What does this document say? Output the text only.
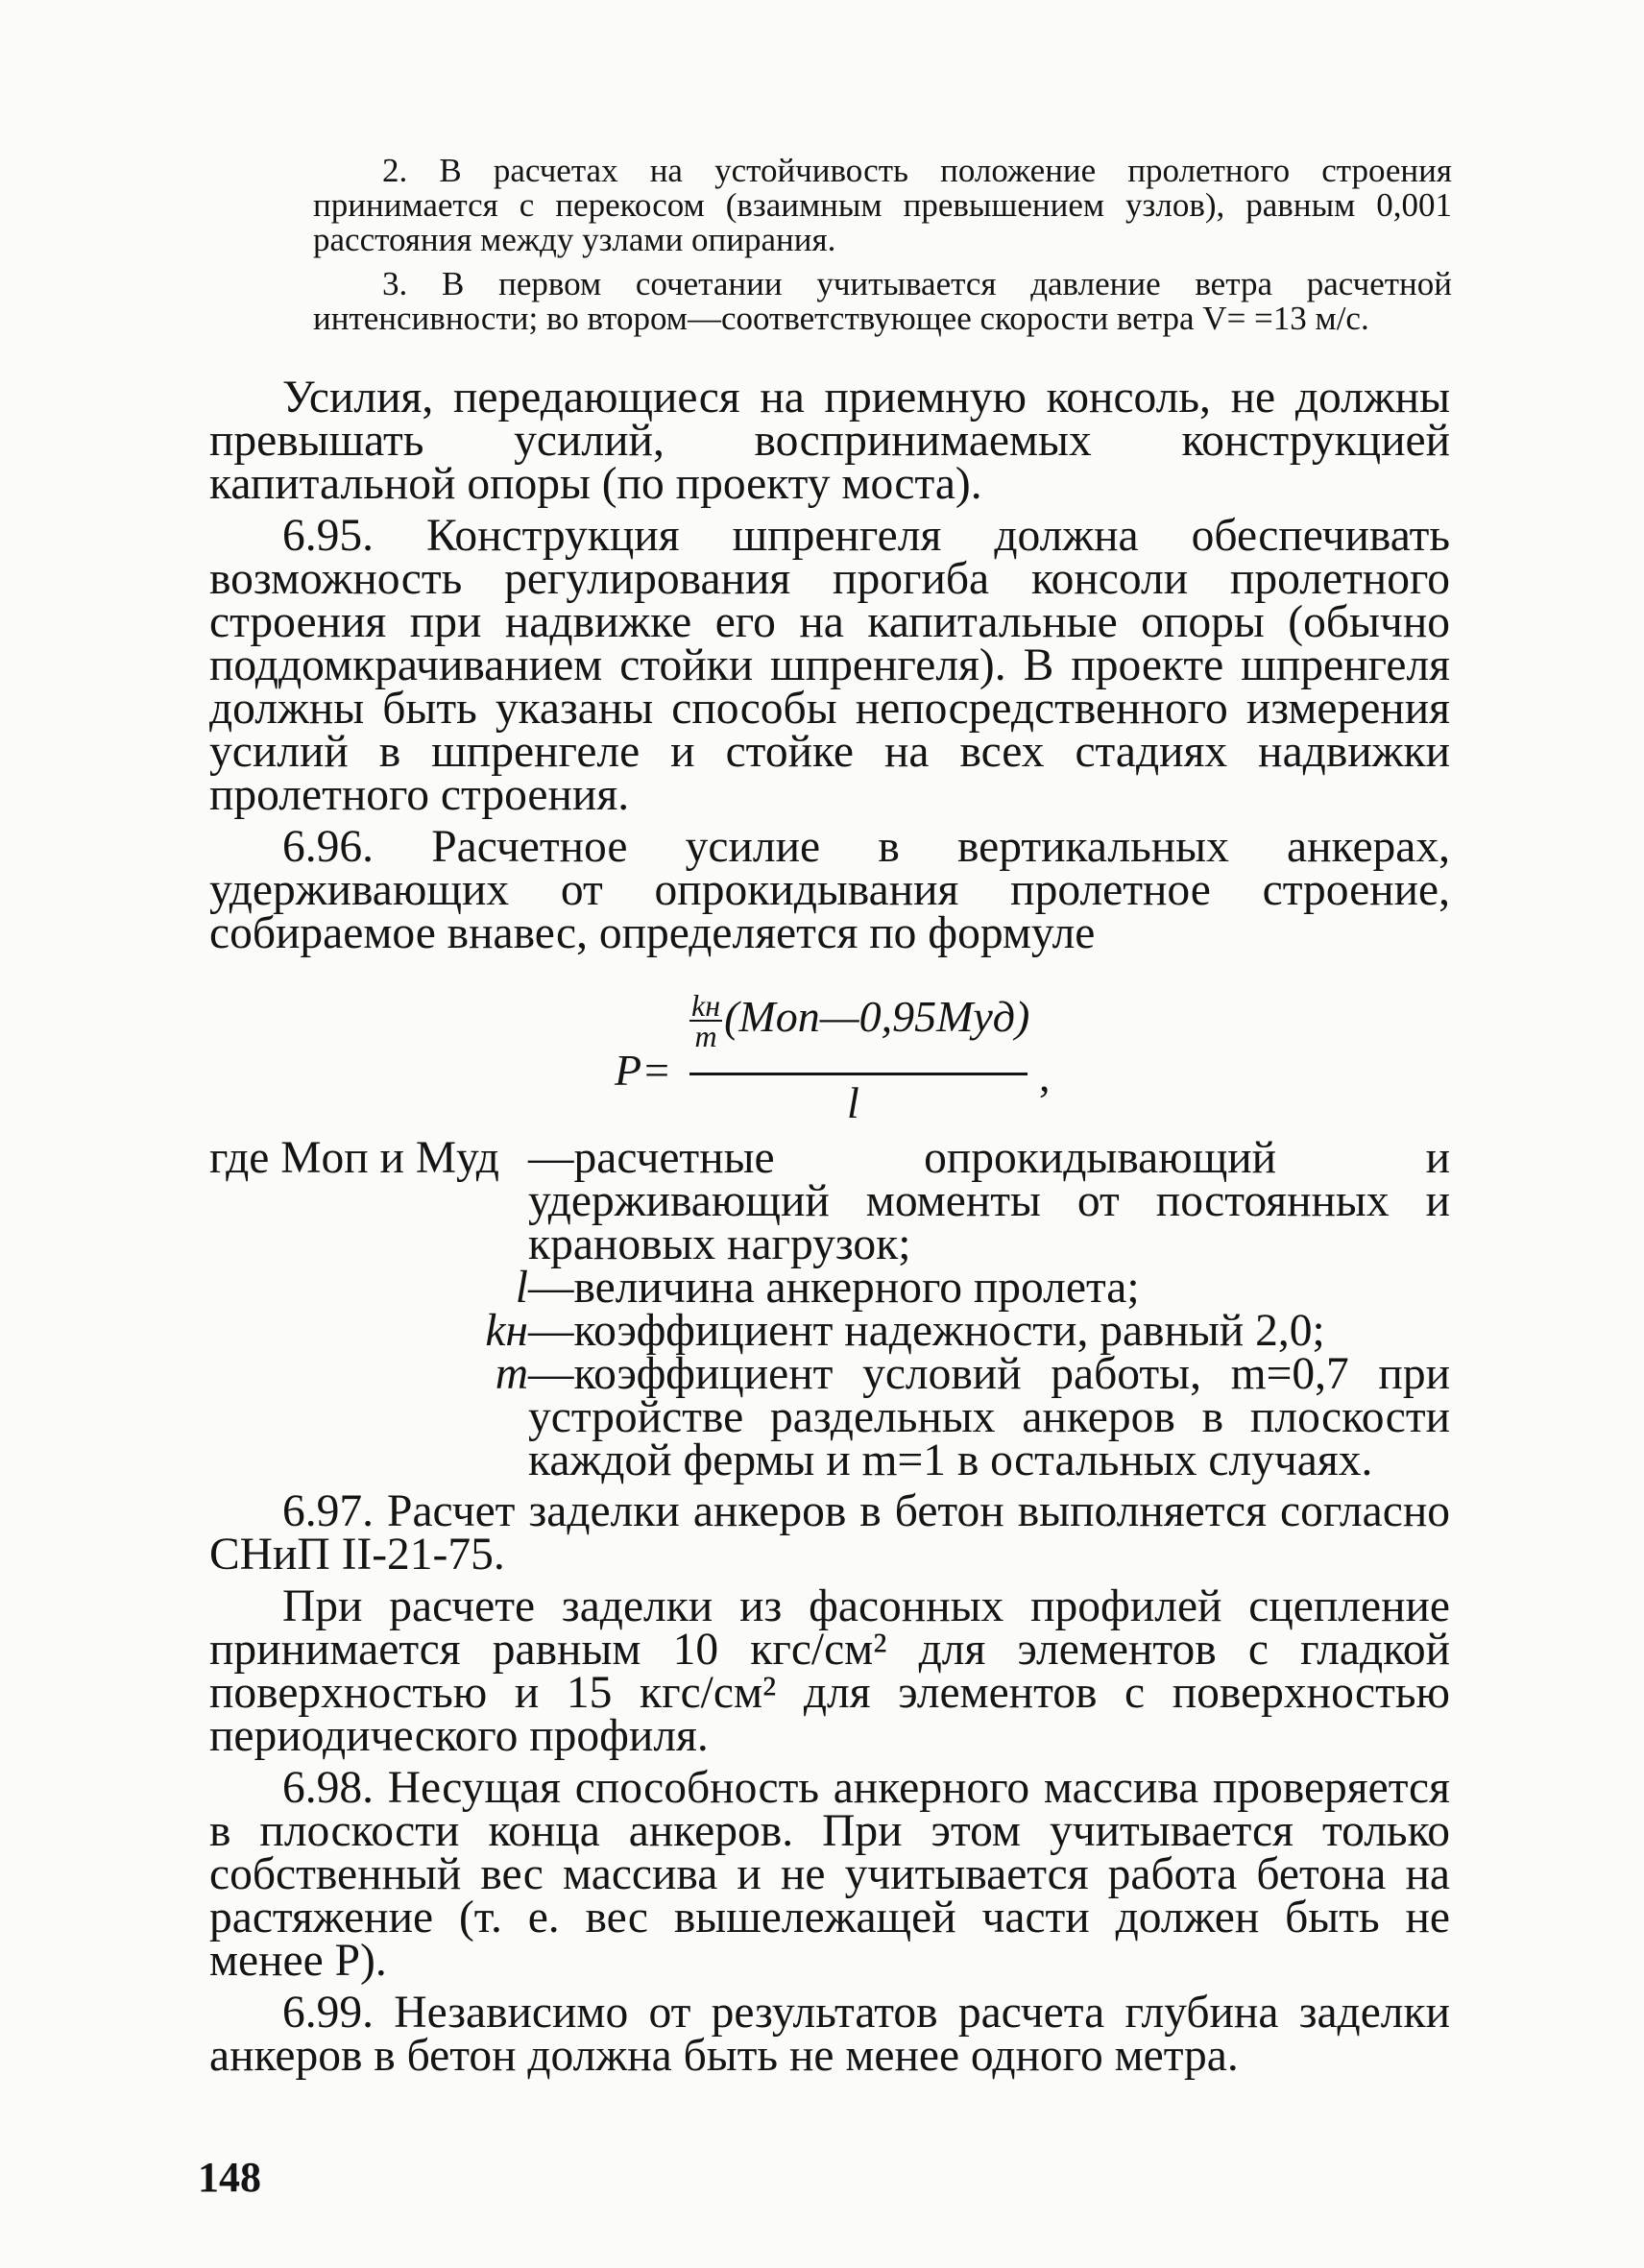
2. В расчетах на устойчивость положение пролетного строения принимается с перекосом (взаимным превышением узлов), равным 0,001 расстояния между узлами опирания.

3. В первом сочетании учитывается давление ветра расчетной интенсивности; во втором—соответствующее скорости ветра V= =13 м/с.

Усилия, передающиеся на приемную консоль, не должны превышать усилий, воспринимаемых конструкцией капитальной опоры (по проекту моста).

6.95. Конструкция шпренгеля должна обеспечивать возможность регулирования прогиба консоли пролетного строения при надвижке его на капитальные опоры (обычно поддомкрачиванием стойки шпренгеля). В проекте шпренгеля должны быть указаны способы непосредственного измерения усилий в шпренгеле и стойке на всех стадиях надвижки пролетного строения.

6.96. Расчетное усилие в вертикальных анкерах, удерживающих от опрокидывания пролетное строение, собираемое внавес, определяется по формуле

P=
kн
m (Mоп—0,95Mуд)
l
,
где Mоп и Mуд —расчетные опрокидывающий и удерживающий моменты от постоянных и крановых нагрузок;
l —величина анкерного пролета;
kн —коэффициент надежности, равный 2,0;
m —коэффициент условий работы, m=0,7 при устройстве раздельных анкеров в плоскости каждой фермы и m=1 в остальных случаях.

6.97. Расчет заделки анкеров в бетон выполняется согласно СНиП II-21-75.

При расчете заделки из фасонных профилей сцепление принимается равным 10 кгс/см² для элементов с гладкой поверхностью и 15 кгс/см² для элементов с поверхностью периодического профиля.

6.98. Несущая способность анкерного массива проверяется в плоскости конца анкеров. При этом учитывается только собственный вес массива и не учитывается работа бетона на растяжение (т. е. вес вышележащей части должен быть не менее P).

6.99. Независимо от результатов расчета глубина заделки анкеров в бетон должна быть не менее одного метра.

148
